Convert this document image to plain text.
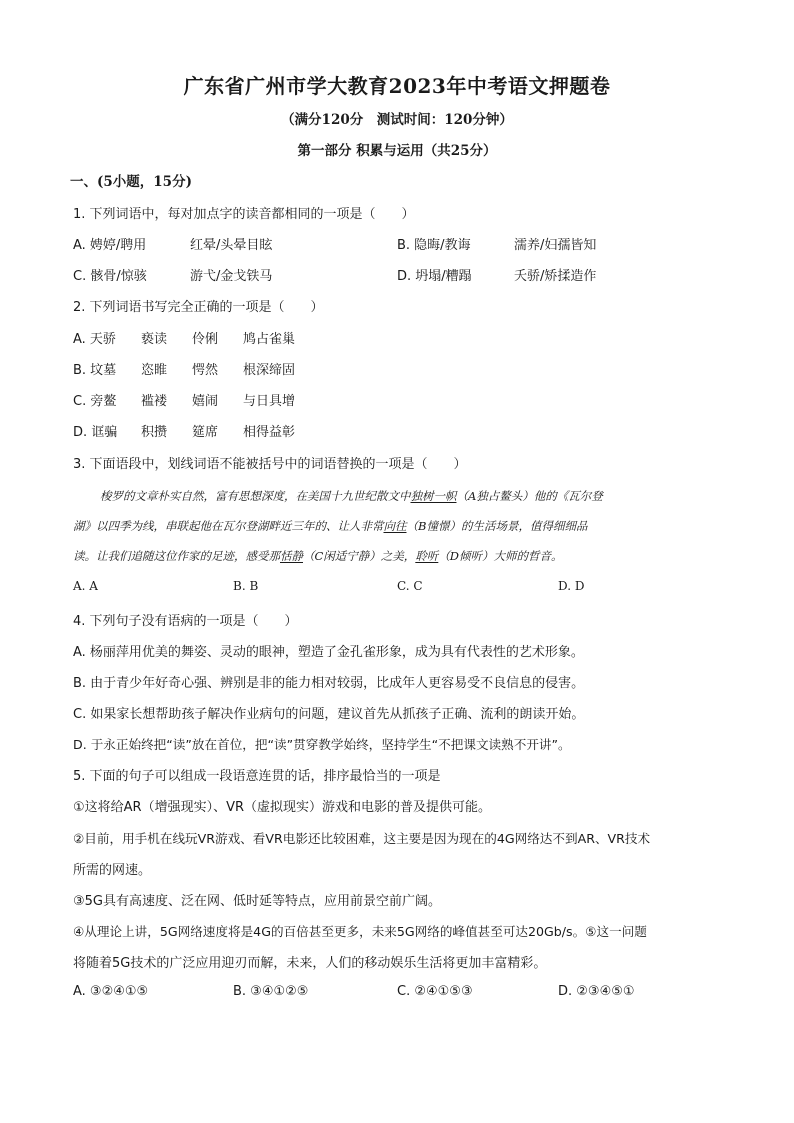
广东省广州市学大教育2023年中考语文押题卷
（满分120分　测试时间：120分钟）
第一部分 积累与运用（共25分）
一、(5小题，15分)
1. 下列词语中，每对加点字的读音都相同的一项是（　　）
A. 娉婷/聘用	红晕/头晕目眩	B. 隐晦/教诲	濡养/妇孺皆知
C. 骸骨/惊骇	游弋/金戈铁马	D. 坍塌/糟蹋	夭骄/矫揉造作
2. 下列词语书写完全正确的一项是（　　）
A. 天骄 亵读 伶俐 鸠占雀巢
B. 坟墓 恣睢 愕然 根深缔固
C. 旁鳌 褴褛 嬉闹 与日具增
D. 诓骗 积攒 筵席 相得益彰
3. 下面语段中，划线词语不能被括号中的词语替换的一项是（　　）
梭罗的文章朴实自然，富有思想深度，在美国十九世纪散文中独树一帜（A独占鳌头）他的《瓦尔登
湖》以四季为线，串联起他在瓦尔登湖畔近三年的、让人非常向往（B憧憬）的生活场景，值得细细品
读。让我们追随这位作家的足迹，感受那恬静（C闲适宁静）之美，聆听（D倾听）大师的哲音。
A. A	B. B	C. C	D. D
4. 下列句子没有语病的一项是（　　）
A. 杨丽萍用优美的舞姿、灵动的眼神，塑造了金孔雀形象，成为具有代表性的艺术形象。
B. 由于青少年好奇心强、辨别是非的能力相对较弱，比成年人更容易受不良信息的侵害。
C. 如果家长想帮助孩子解决作业病句的问题，建议首先从抓孩子正确、流利的朗读开始。
D. 于永正始终把“读”放在首位，把“读”贯穿教学始终，坚持学生“不把课文读熟不开讲”。
5. 下面的句子可以组成一段语意连贯的话，排序最恰当的一项是
①这将给AR（增强现实）、VR（虚拟现实）游戏和电影的普及提供可能。
②目前，用手机在线玩VR游戏、看VR电影还比较困难，这主要是因为现在的4G网络达不到AR、VR技术
所需的网速。
③5G具有高速度、泛在网、低时延等特点，应用前景空前广阔。
④从理论上讲，5G网络速度将是4G的百倍甚至更多，未来5G网络的峰值甚至可达20Gb/s。⑤这一问题
将随着5G技术的广泛应用迎刃而解，未来，人们的移动娱乐生活将更加丰富精彩。
A. ③②④①⑤	B. ③④①②⑤	C. ②④①⑤③	D. ②③④⑤①
